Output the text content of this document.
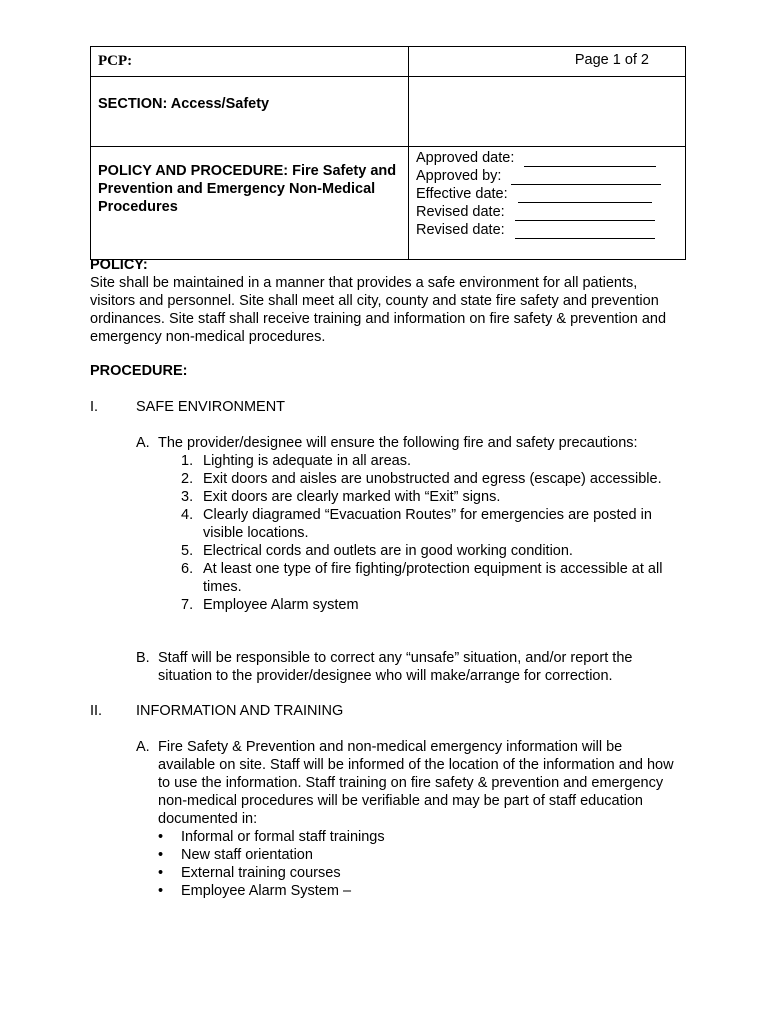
PCP:	Page 1 of 2
SECTION: Access/Safety	
POLICY AND PROCEDURE: Fire Safety and Prevention and Emergency Non-Medical Procedures	Approved date:
Approved by:
Effective date:
Revised date:
Revised date:
POLICY:
Site shall be maintained in a manner that provides a safe environment for all patients, visitors and personnel. Site shall meet all city, county and state fire safety and prevention ordinances. Site staff shall receive training and information on fire safety & prevention and emergency non-medical procedures.
PROCEDURE:
I.	SAFE ENVIRONMENT
A. The provider/designee will ensure the following fire and safety precautions:
1. Lighting is adequate in all areas.
2. Exit doors and aisles are unobstructed and egress (escape) accessible.
3. Exit doors are clearly marked with “Exit” signs.
4. Clearly diagramed “Evacuation Routes” for emergencies are posted in visible locations.
5. Electrical cords and outlets are in good working condition.
6. At least one type of fire fighting/protection equipment is accessible at all times.
7. Employee Alarm system
B. Staff will be responsible to correct any “unsafe” situation, and/or report the situation to the provider/designee who will make/arrange for correction.
II. INFORMATION AND TRAINING
A. Fire Safety & Prevention and non-medical emergency information will be available on site. Staff will be informed of the location of the information and how to use the information. Staff training on fire safety & prevention and emergency non-medical procedures will be verifiable and may be part of staff education documented in:
•	Informal or formal staff trainings
•	New staff orientation
•	External training courses
•	Employee Alarm System –
